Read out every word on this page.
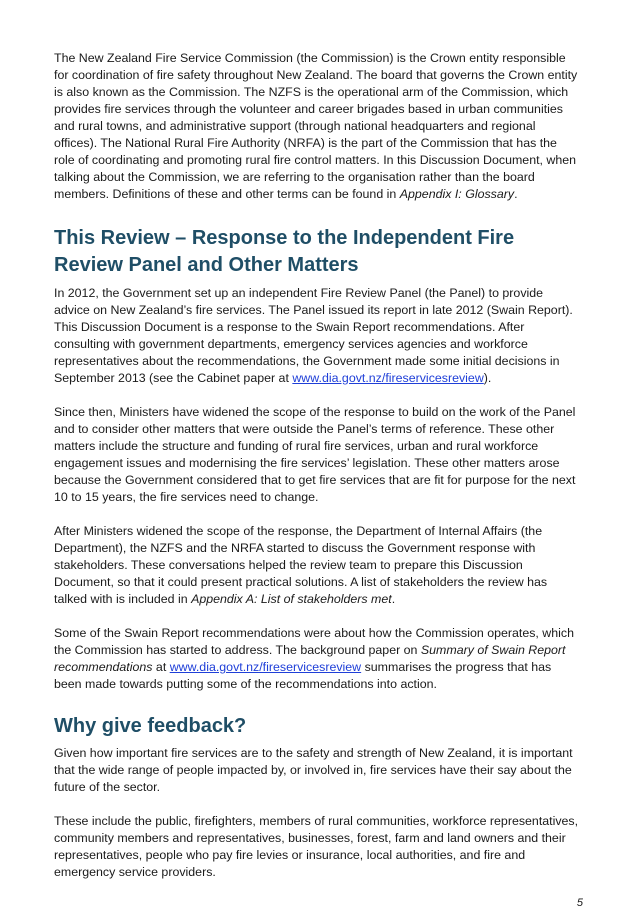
The New Zealand Fire Service Commission (the Commission) is the Crown entity responsible for coordination of fire safety throughout New Zealand. The board that governs the Crown entity is also known as the Commission. The NZFS is the operational arm of the Commission, which provides fire services through the volunteer and career brigades based in urban communities and rural towns, and administrative support (through national headquarters and regional offices). The National Rural Fire Authority (NRFA) is the part of the Commission that has the role of coordinating and promoting rural fire control matters. In this Discussion Document, when talking about the Commission, we are referring to the organisation rather than the board members. Definitions of these and other terms can be found in Appendix I: Glossary.

This Review – Response to the Independent Fire Review Panel and Other Matters

In 2012, the Government set up an independent Fire Review Panel (the Panel) to provide advice on New Zealand’s fire services. The Panel issued its report in late 2012 (Swain Report). This Discussion Document is a response to the Swain Report recommendations. After consulting with government departments, emergency services agencies and workforce representatives about the recommendations, the Government made some initial decisions in September 2013 (see the Cabinet paper at www.dia.govt.nz/fireservicesreview).

Since then, Ministers have widened the scope of the response to build on the work of the Panel and to consider other matters that were outside the Panel’s terms of reference. These other matters include the structure and funding of rural fire services, urban and rural workforce engagement issues and modernising the fire services’ legislation. These other matters arose because the Government considered that to get fire services that are fit for purpose for the next 10 to 15 years, the fire services need to change.

After Ministers widened the scope of the response, the Department of Internal Affairs (the Department), the NZFS and the NRFA started to discuss the Government response with stakeholders. These conversations helped the review team to prepare this Discussion Document, so that it could present practical solutions. A list of stakeholders the review has talked with is included in Appendix A: List of stakeholders met.

Some of the Swain Report recommendations were about how the Commission operates, which the Commission has started to address. The background paper on Summary of Swain Report recommendations at www.dia.govt.nz/fireservicesreview summarises the progress that has been made towards putting some of the recommendations into action.

Why give feedback?

Given how important fire services are to the safety and strength of New Zealand, it is important that the wide range of people impacted by, or involved in, fire services have their say about the future of the sector.

These include the public, firefighters, members of rural communities, workforce representatives, community members and representatives, businesses, forest, farm and land owners and their representatives, people who pay fire levies or insurance, local authorities, and fire and emergency service providers.

5
